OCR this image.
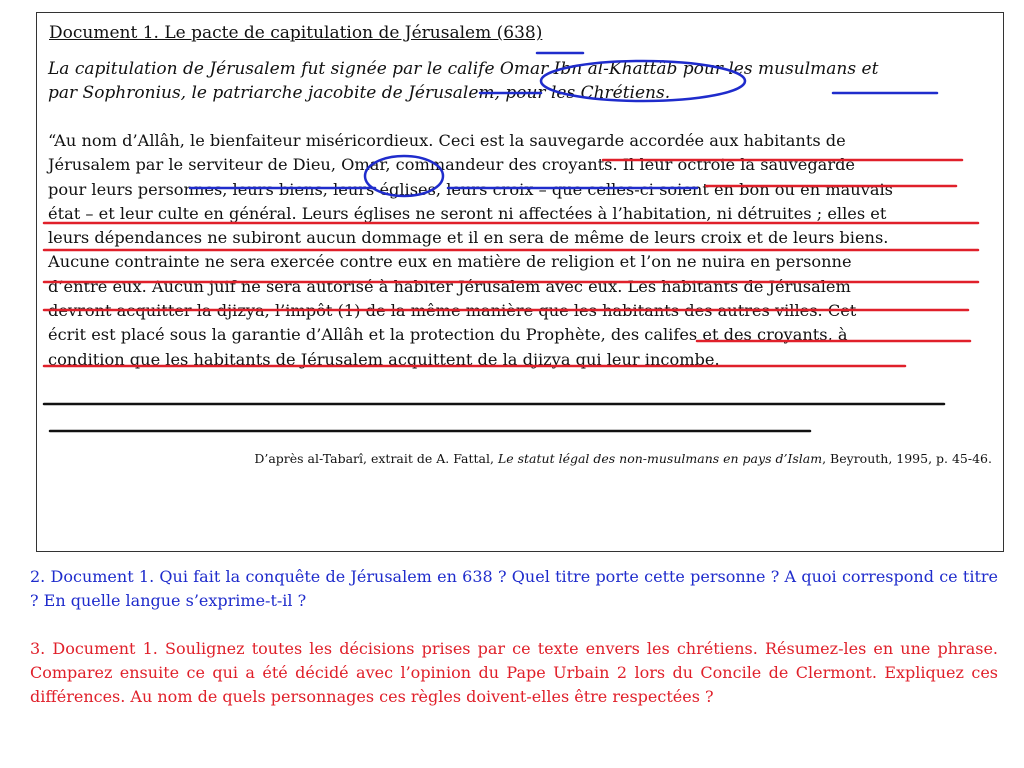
Document 1. Le pacte de capitulation de Jérusalem (638)
La capitulation de Jérusalem fut signée par le calife Omar Ibn al-Khattâb pour les musulmans et
par Sophronius, le patriarche jacobite de Jérusalem, pour les Chrétiens.
“Au nom d’Allâh, le bienfaiteur miséricordieux. Ceci est la sauvegarde accordée aux habitants de
Jérusalem par le serviteur de Dieu, Omar, commandeur des croyants. Il leur octroie la sauvegarde
pour leurs personnes, leurs biens, leurs églises, leurs croix – que celles-ci soient en bon ou en mauvais
état – et leur culte en général. Leurs églises ne seront ni affectées à l’habitation, ni détruites ; elles et
leurs dépendances ne subiront aucun dommage et il en sera de même de leurs croix et de leurs biens.
Aucune contrainte ne sera exercée contre eux en matière de religion et l’on ne nuira en personne
d’entre eux. Aucun juif ne sera autorisé à habiter Jérusalem avec eux. Les habitants de Jérusalem
devront acquitter la djizya, l’impôt (1) de la même manière que les habitants des autres villes. Cet
écrit est placé sous la garantie d’Allâh et la protection du Prophète, des califes et des croyants, à
condition que les habitants de Jérusalem acquittent de la djizya qui leur incombe.
D’après al-Tabarî, extrait de A. Fattal, Le statut légal des non-musulmans en pays d’Islam, Beyrouth, 1995, p. 45-46.
2. Document 1. Qui fait la conquête de Jérusalem en 638 ? Quel titre porte cette personne ? A quoi correspond ce titre ? En quelle langue s’exprime-t-il ?
3. Document 1. Soulignez toutes les décisions prises par ce texte envers les chrétiens. Résumez-les en une phrase. Comparez ensuite ce qui a été décidé avec l’opinion du Pape Urbain 2 lors du Concile de Clermont. Expliquez ces différences. Au nom de quels personnages ces règles doivent-elles être respectées ?
